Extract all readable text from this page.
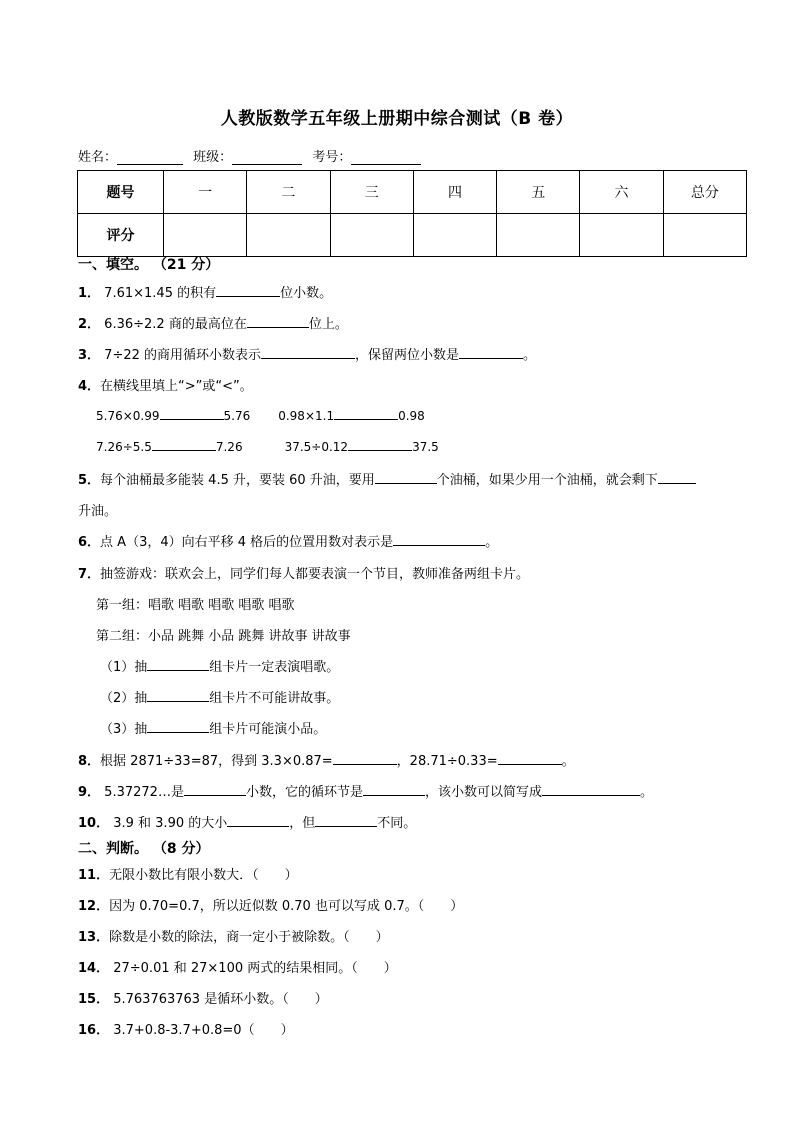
人教版数学五年级上册期中综合测试（B 卷）
姓名：	班级：	考号：
题号	一	二	三	四	五	六	总分
评分							
一、填空。 （21 分）
1． 7.61×1.45 的积有	位小数。
2． 6.36÷2.2 商的最高位在	位上。
3． 7÷22 的商用循环小数表示	，保留两位小数是	。
4．在横线里填上“>”或“<”。
5.76×0.99	5.76 0.98×1.1	0.98
7.26÷5.5	7.26	37.5÷0.12	37.5
5．每个油桶最多能装 4.5 升，要装 60 升油，要用	个油桶，如果少用一个油桶，就会剩下
升油。
6．点 A（3，4）向右平移 4 格后的位置用数对表示是	。
7．抽签游戏：联欢会上，同学们每人都要表演一个节目，教师准备两组卡片。
第一组：唱歌 唱歌 唱歌 唱歌 唱歌
第二组：小品 跳舞 小品 跳舞 讲故事 讲故事
（1）抽	组卡片一定表演唱歌。
（2）抽	组卡片不可能讲故事。
（3）抽	组卡片可能演小品。
8．根据 2871÷33=87，得到 3.3×0.87=	，28.71÷0.33=	。
9． 5.37272…是	小数，它的循环节是	，该小数可以简写成	。
10． 3.9 和 3.90 的大小	，但	不同。
二、判断。 （8 分）
11．无限小数比有限小数大．（　　）
12．因为 0.70=0.7，所以近似数 0.70 也可以写成 0.7。（　　）
13．除数是小数的除法，商一定小于被除数。（　　）
14． 27÷0.01 和 27×100 两式的结果相同。（　　）
15． 5.763763763 是循环小数。（　　）
16． 3.7+0.8-3.7+0.8=0（　　）
